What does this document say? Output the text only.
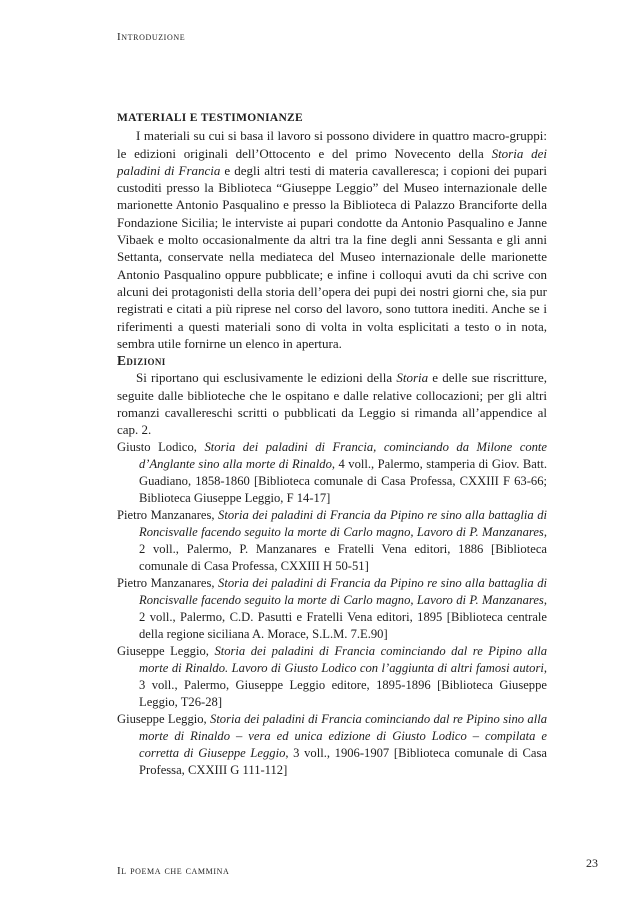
Introduzione

MATERIALI E TESTIMONIANZE

I materiali su cui si basa il lavoro si possono dividere in quattro macro-gruppi: le edizioni originali dell’Ottocento e del primo Novecento della Storia dei paladini di Francia e degli altri testi di materia cavalleresca; i copioni dei pupari custoditi presso la Biblioteca “Giuseppe Leggio” del Museo internazionale delle marionette Antonio Pasqualino e presso la Biblioteca di Palazzo Branciforte della Fondazione Sicilia; le interviste ai pupari condotte da Antonio Pasqualino e Janne Vibaek e molto occasionalmente da altri tra la fine degli anni Sessanta e gli anni Settanta, conservate nella mediateca del Museo internazionale delle marionette Antonio Pasqualino oppure pubblicate; e infine i colloqui avuti da chi scrive con alcuni dei protagonisti della storia dell’opera dei pupi dei nostri giorni che, sia pur registrati e citati a più riprese nel corso del lavoro, sono tuttora inediti. Anche se i riferimenti a questi materiali sono di volta in volta esplicitati a testo o in nota, sembra utile fornirne un elenco in apertura.

Edizioni

Si riportano qui esclusivamente le edizioni della Storia e delle sue riscritture, seguite dalle biblioteche che le ospitano e dalle relative collocazioni; per gli altri romanzi cavallereschi scritti o pubblicati da Leggio si rimanda all’appendice al cap. 2.

Giusto Lodico, Storia dei paladini di Francia, cominciando da Milone conte d’Anglante sino alla morte di Rinaldo, 4 voll., Palermo, stamperia di Giov. Batt. Guadiano, 1858-1860 [Biblioteca comunale di Casa Professa, CXXIII F 63-66; Biblioteca Giuseppe Leggio, F 14-17]

Pietro Manzanares, Storia dei paladini di Francia da Pipino re sino alla battaglia di Roncisvalle facendo seguito la morte di Carlo magno, Lavoro di P. Manzanares, 2 voll., Palermo, P. Manzanares e Fratelli Vena editori, 1886 [Biblioteca comunale di Casa Professa, CXXIII H 50-51]

Pietro Manzanares, Storia dei paladini di Francia da Pipino re sino alla battaglia di Roncisvalle facendo seguito la morte di Carlo magno, Lavoro di P. Manzanares, 2 voll., Palermo, C.D. Pasutti e Fratelli Vena editori, 1895 [Biblioteca centrale della regione siciliana A. Morace, S.L.M. 7.E.90]

Giuseppe Leggio, Storia dei paladini di Francia cominciando dal re Pipino alla morte di Rinaldo. Lavoro di Giusto Lodico con l’aggiunta di altri famosi autori, 3 voll., Palermo, Giuseppe Leggio editore, 1895-1896 [Biblioteca Giuseppe Leggio, T26-28]

Giuseppe Leggio, Storia dei paladini di Francia cominciando dal re Pipino sino alla morte di Rinaldo – vera ed unica edizione di Giusto Lodico – compilata e corretta di Giuseppe Leggio, 3 voll., 1906-1907 [Biblioteca comunale di Casa Professa, CXXIII G 111-112]

Il poema che cammina
23
